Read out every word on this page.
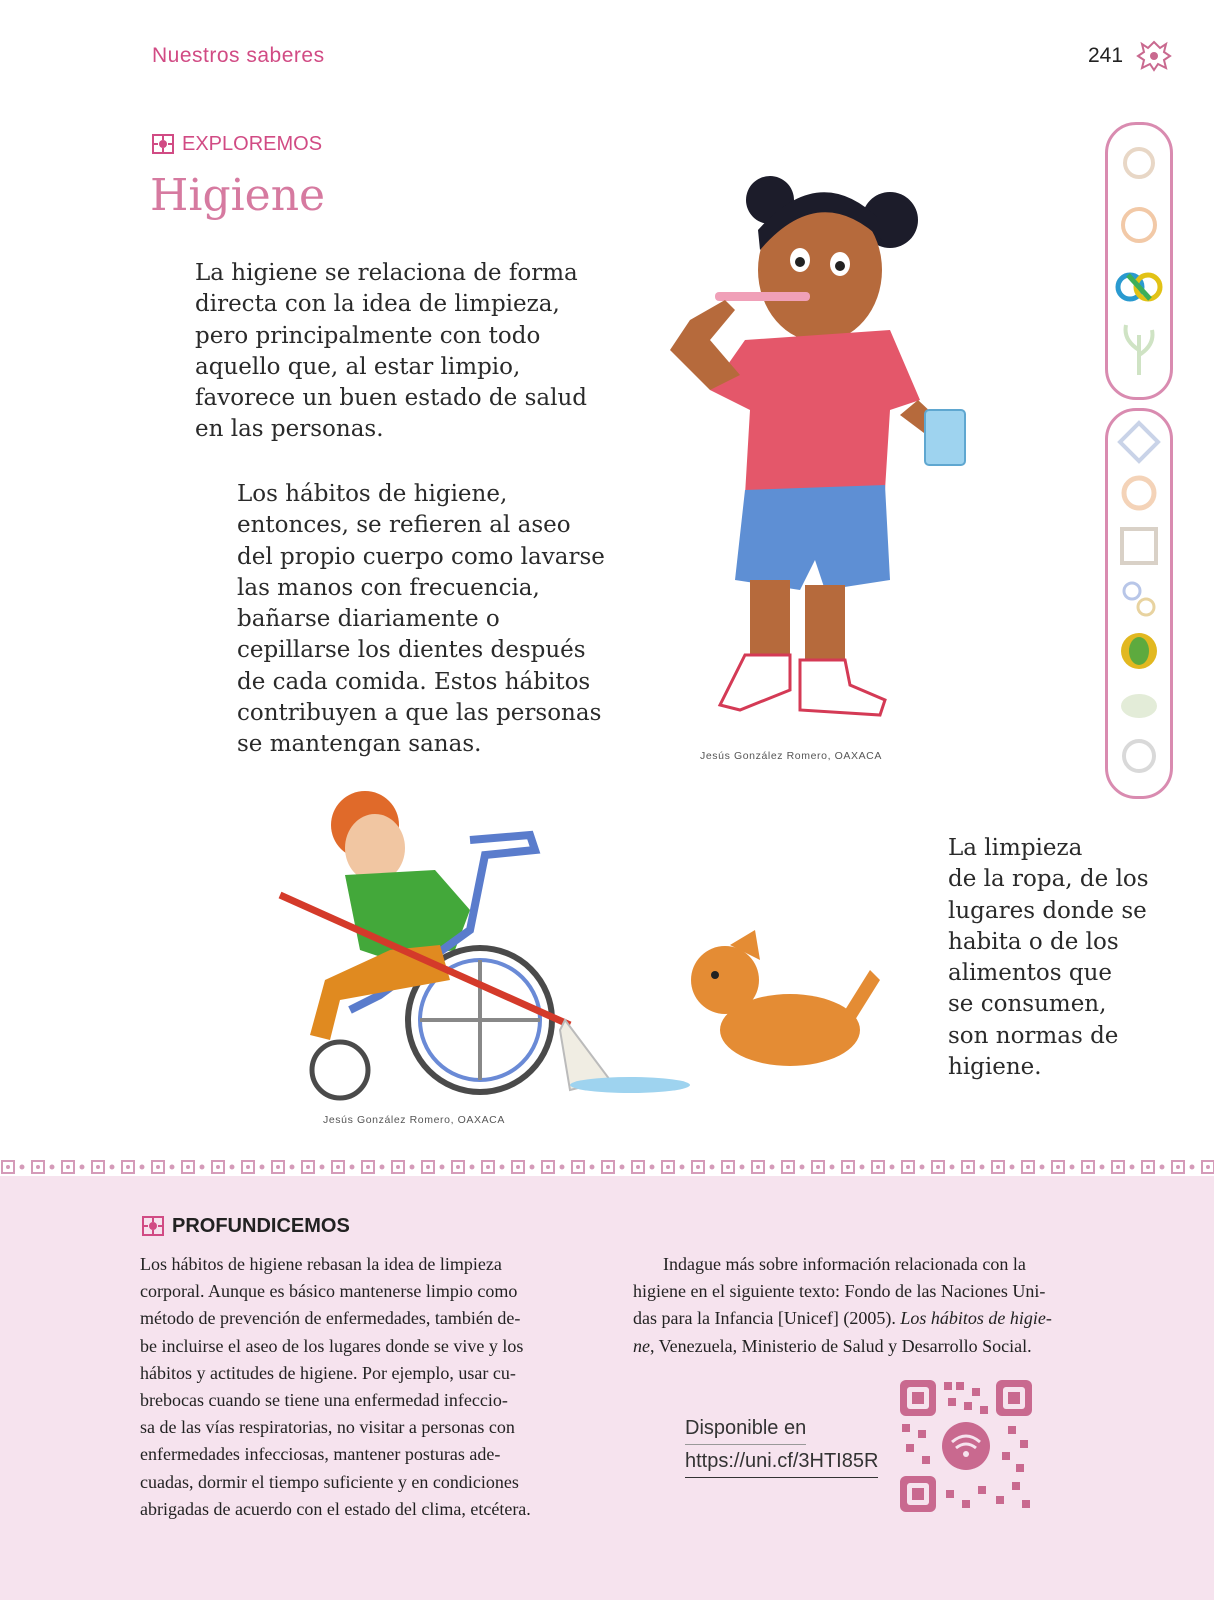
Nuestros saberes	241
EXPLOREMOS
Higiene
La higiene se relaciona de forma
directa con la idea de limpieza,
pero principalmente con todo
aquello que, al estar limpio,
favorece un buen estado de salud
en las personas.
Los hábitos de higiene,
entonces, se refieren al aseo
del propio cuerpo como lavarse
las manos con frecuencia,
bañarse diariamente o
cepillarse los dientes después
de cada comida. Estos hábitos
contribuyen a que las personas
se mantengan sanas.	Jesús González Romero, OAXACA
Jesús González Romero, OAXACA
La limpieza
de la ropa, de los
lugares donde se
habita o de los
alimentos que
se consumen,
son normas de
higiene.
PROFUNDICEMOS
Los hábitos de higiene rebasan la idea de limpieza
corporal. Aunque es básico mantenerse limpio como
método de prevención de enfermedades, también de-
be incluirse el aseo de los lugares donde se vive y los
hábitos y actitudes de higiene. Por ejemplo, usar cu-
brebocas cuando se tiene una enfermedad infeccio-
sa de las vías respiratorias, no visitar a personas con
enfermedades infecciosas, mantener posturas ade-
cuadas, dormir el tiempo suficiente y en condiciones
abrigadas de acuerdo con el estado del clima, etcétera.
Indague más sobre información relacionada con la
higiene en el siguiente texto: Fondo de las Naciones Uni-
das para la Infancia [Unicef] (2005). Los hábitos de higie-
ne, Venezuela, Ministerio de Salud y Desarrollo Social.
Disponible en
https://uni.cf/3HTI85R
